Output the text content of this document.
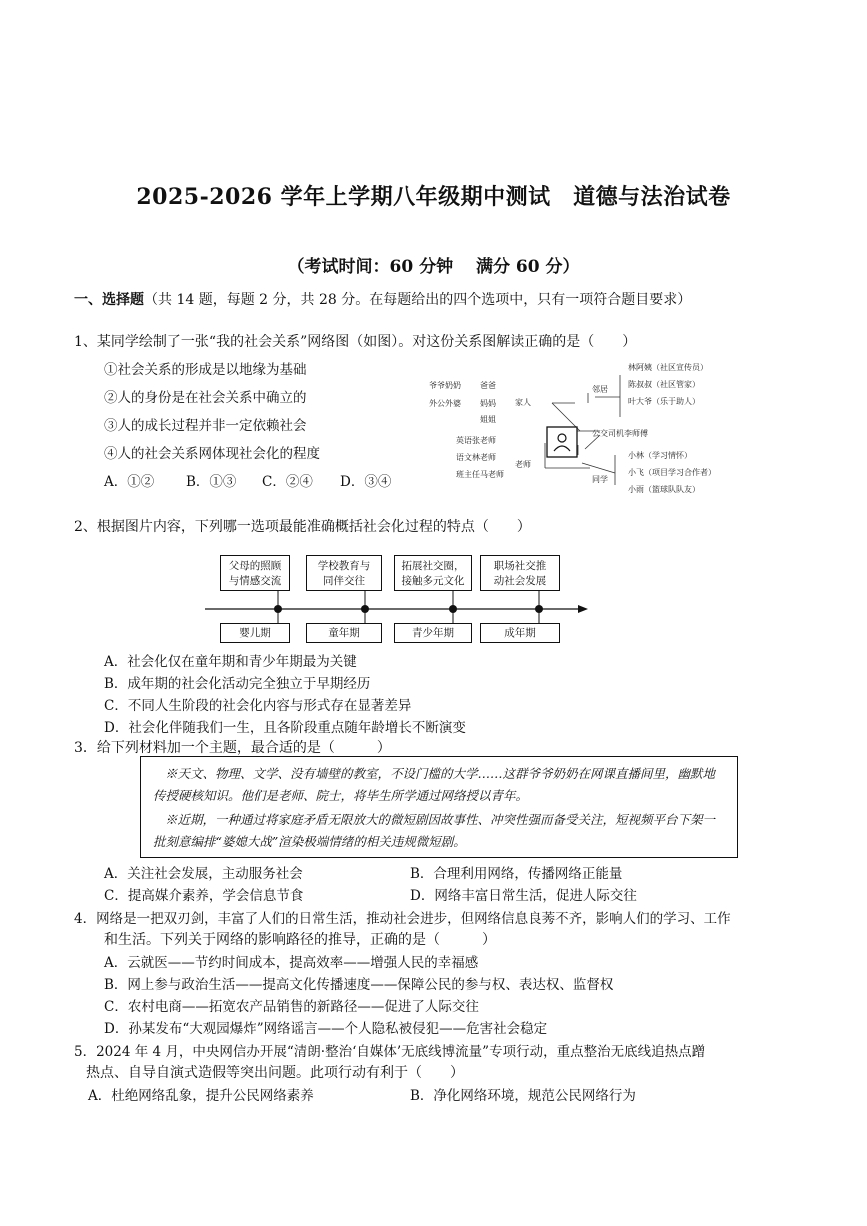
2025-2026 学年上学期八年级期中测试　道德与法治试卷
（考试时间：60 分钟　 满分 60 分）
一、选择题（共 14 题，每题 2 分，共 28 分。在每题给出的四个选项中，只有一项符合题目要求）
1、某同学绘制了一张“我的社会关系”网络图（如图）。对这份关系图解读正确的是（　　）
①社会关系的形成是以地缘为基础
②人的身份是在社会关系中确立的
③人的成长过程并非一定依赖社会
④人的社会关系网体现社会化的程度
A．①② B．①③ C．②④ D．③④
爷爷奶奶
外公外婆
爸爸
妈妈
姐姐
家人
英语张老师
语文林老师
班主任马老师
老师
林阿姨（社区宣传员）
陈叔叔（社区管家）
叶大爷（乐于助人）
邻居
公交司机李师傅
小林（学习情怀）
小飞（项目学习合作者）
小雨（篮球队队友）
同学
2、根据图片内容，下列哪一选项最能准确概括社会化过程的特点（　　）
父母的照顾
与情感交流
学校教育与
同伴交往
拓展社交圈，
接触多元文化
职场社交推
动社会发展
婴儿期	童年期	青少年期	成年期
A．社会化仅在童年期和青少年期最为关键
B．成年期的社会化活动完全独立于早期经历
C．不同人生阶段的社会化内容与形式存在显著差异
D．社会化伴随我们一生，且各阶段重点随年龄增长不断演变
3．给下列材料加一个主题，最合适的是（　　　）

※天文、物理、文学、没有墙壁的教室，不设门槛的大学……这群爷爷奶奶在网课直播间里，幽默地传授硬核知识。他们是老师、院士，将毕生所学通过网络授以青年。

※近期，一种通过将家庭矛盾无限放大的微短剧因故事性、冲突性强而备受关注，短视频平台下架一批刻意编排“婆媳大战”渲染极端情绪的相关违规微短剧。

A．关注社会发展，主动服务社会	B．合理利用网络，传播网络正能量
C．提高媒介素养，学会信息节食	D．网络丰富日常生活，促进人际交往
4．网络是一把双刃剑，丰富了人们的日常生活，推动社会进步，但网络信息良莠不齐，影响人们的学习、工作
和生活。下列关于网络的影响路径的推导，正确的是（　　　）
A．云就医——节约时间成本，提高效率——增强人民的幸福感
B．网上参与政治生活——提高文化传播速度——保障公民的参与权、表达权、监督权
C．农村电商——拓宽农产品销售的新路径——促进了人际交往
D．孙某发布“大观园爆炸”网络谣言——个人隐私被侵犯——危害社会稳定
5．2024 年 4 月，中央网信办开展“清朗·整治‘自媒体’无底线博流量”专项行动，重点整治无底线追热点蹭
热点、自导自演式造假等突出问题。此项行动有利于（　　）
A．杜绝网络乱象，提升公民网络素养	B．净化网络环境，规范公民网络行为
